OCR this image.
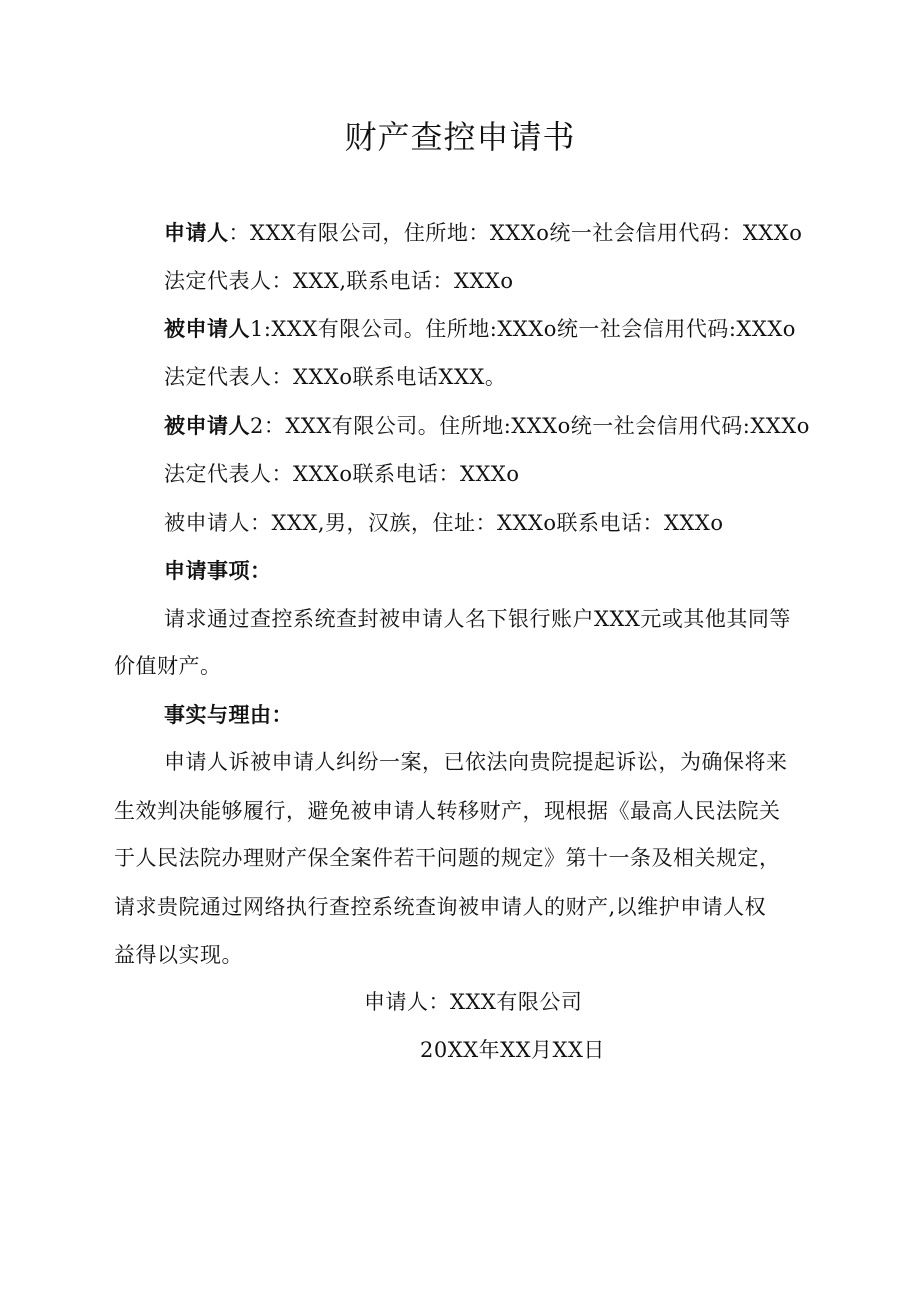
财产查控申请书
申请人：XXX有限公司，住所地：XXXo统一社会信用代码：XXXo
法定代表人：XXX,联系电话：XXXo
被申请人1:XXX有限公司。住所地:XXXo统一社会信用代码:XXXo
法定代表人：XXXo联系电话XXX。
被申请人2：XXX有限公司。住所地:XXXo统一社会信用代码:XXXo
法定代表人：XXXo联系电话：XXXo
被申请人：XXX,男，汉族，住址：XXXo联系电话：XXXo
申请事项：
请求通过查控系统查封被申请人名下银行账户XXX元或其他其同等
价值财产。
事实与理由：
申请人诉被申请人纠纷一案，已依法向贵院提起诉讼，为确保将来
生效判决能够履行，避免被申请人转移财产，现根据《最高人民法院关
于人民法院办理财产保全案件若干问题的规定》第十一条及相关规定，
请求贵院通过网络执行查控系统查询被申请人的财产,以维护申请人权
益得以实现。
申请人：XXX有限公司
20XX年XX月XX日
